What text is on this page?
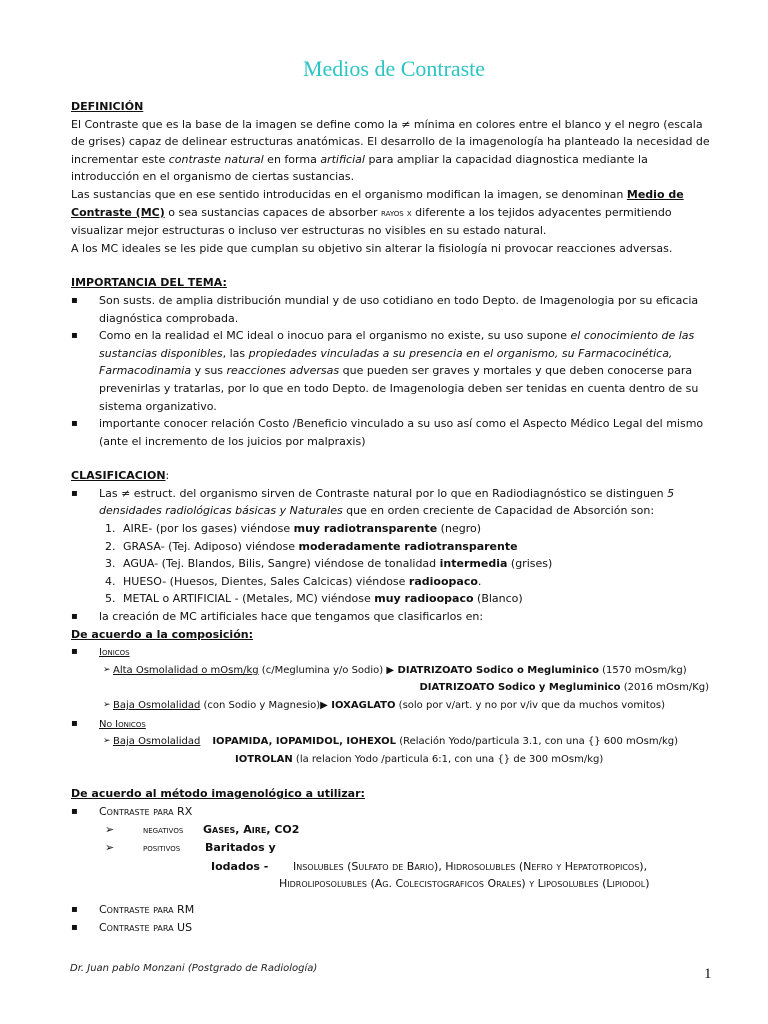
Medios de Contraste

DEFINICIÓN

El Contraste que es la base de la imagen se define como la ≠ mínima en colores entre el blanco y el negro (escala de grises) capaz de delinear estructuras anatómicas. El desarrollo de la imagenología ha planteado la necesidad de incrementar este contraste natural en forma artificial para ampliar la capacidad diagnostica mediante la introducción en el organismo de ciertas sustancias.

Las sustancias que en ese sentido introducidas en el organismo modifican la imagen, se denominan Medio de Contraste (MC) o sea sustancias capaces de absorber rayos x diferente a los tejidos adyacentes permitiendo visualizar mejor estructuras o incluso ver estructuras no visibles en su estado natural.

A los MC ideales se les pide que cumplan su objetivo sin alterar la fisiología ni provocar reacciones adversas.

IMPORTANCIA DEL TEMA:

▪ Son susts. de amplia distribución mundial y de uso cotidiano en todo Depto. de Imagenologia por su eficacia diagnóstica comprobada.
▪ Como en la realidad el MC ideal o inocuo para el organismo no existe, su uso supone el conocimiento de las sustancias disponibles, las propiedades vinculadas a su presencia en el organismo, su Farmacocinética, Farmacodinamia y sus reacciones adversas que pueden ser graves y mortales y que deben conocerse para prevenirlas y tratarlas, por lo que en todo Depto. de Imagenologia deben ser tenidas en cuenta dentro de su sistema organizativo.
▪ importante conocer relación Costo /Beneficio vinculado a su uso así como el Aspecto Médico Legal del mismo (ante el incremento de los juicios por malpraxis)

CLASIFICACION:

▪ Las ≠ estruct. del organismo sirven de Contraste natural por lo que en Radiodiagnóstico se distinguen 5 densidades radiológicas básicas y Naturales que en orden creciente de Capacidad de Absorción son:
1. AIRE- (por los gases) viéndose muy radiotransparente (negro)
2. GRASA- (Tej. Adiposo) viéndose moderadamente radiotransparente
3. AGUA- (Tej. Blandos, Bilis, Sangre) viéndose de tonalidad intermedia (grises)
4. HUESO- (Huesos, Dientes, Sales Calcicas) viéndose radioopaco.
5. METAL o ARTIFICIAL - (Metales, MC) viéndose muy radioopaco (Blanco)
▪ la creación de MC artificiales hace que tengamos que clasificarlos en:

De acuerdo a la composición:

▪ Ionicos
➢ Alta Osmolalidad o mOsm/kg (c/Meglumina y/o Sodio) ▶ DIATRIZOATO Sodico o Megluminico (1570 mOsm/kg)
DIATRIZOATO Sodico y Megluminico (2016 mOsm/Kg)
➢ Baja Osmolalidad (con Sodio y Magnesio)▶ IOXAGLATO (solo por v/art. y no por v/iv que da muchos vomitos)
▪ No Ionicos
➢ Baja Osmolalidad IOPAMIDA, IOPAMIDOL, IOHEXOL (Relación Yodo/particula 3.1, con una {} 600 mOsm/kg)
IOTROLAN (la relacion Yodo /particula 6:1, con una {} de 300 mOsm/kg)

De acuerdo al método imagenológico a utilizar:

▪ Contraste para RX
➢	negativos Gases, Aire, CO2
➢	positivos Baritados y
Iodados - Insolubles (Sulfato de Bario), Hidrosolubles (Nefro y Hepatotropicos),
Hidroliposolubles (Ag. Colecistograficos Orales) y Liposolubles (Lipiodol)
▪ Contraste para RM
▪ Contraste para US
Dr. Juan pablo Monzani (Postgrado de Radiología)	1
